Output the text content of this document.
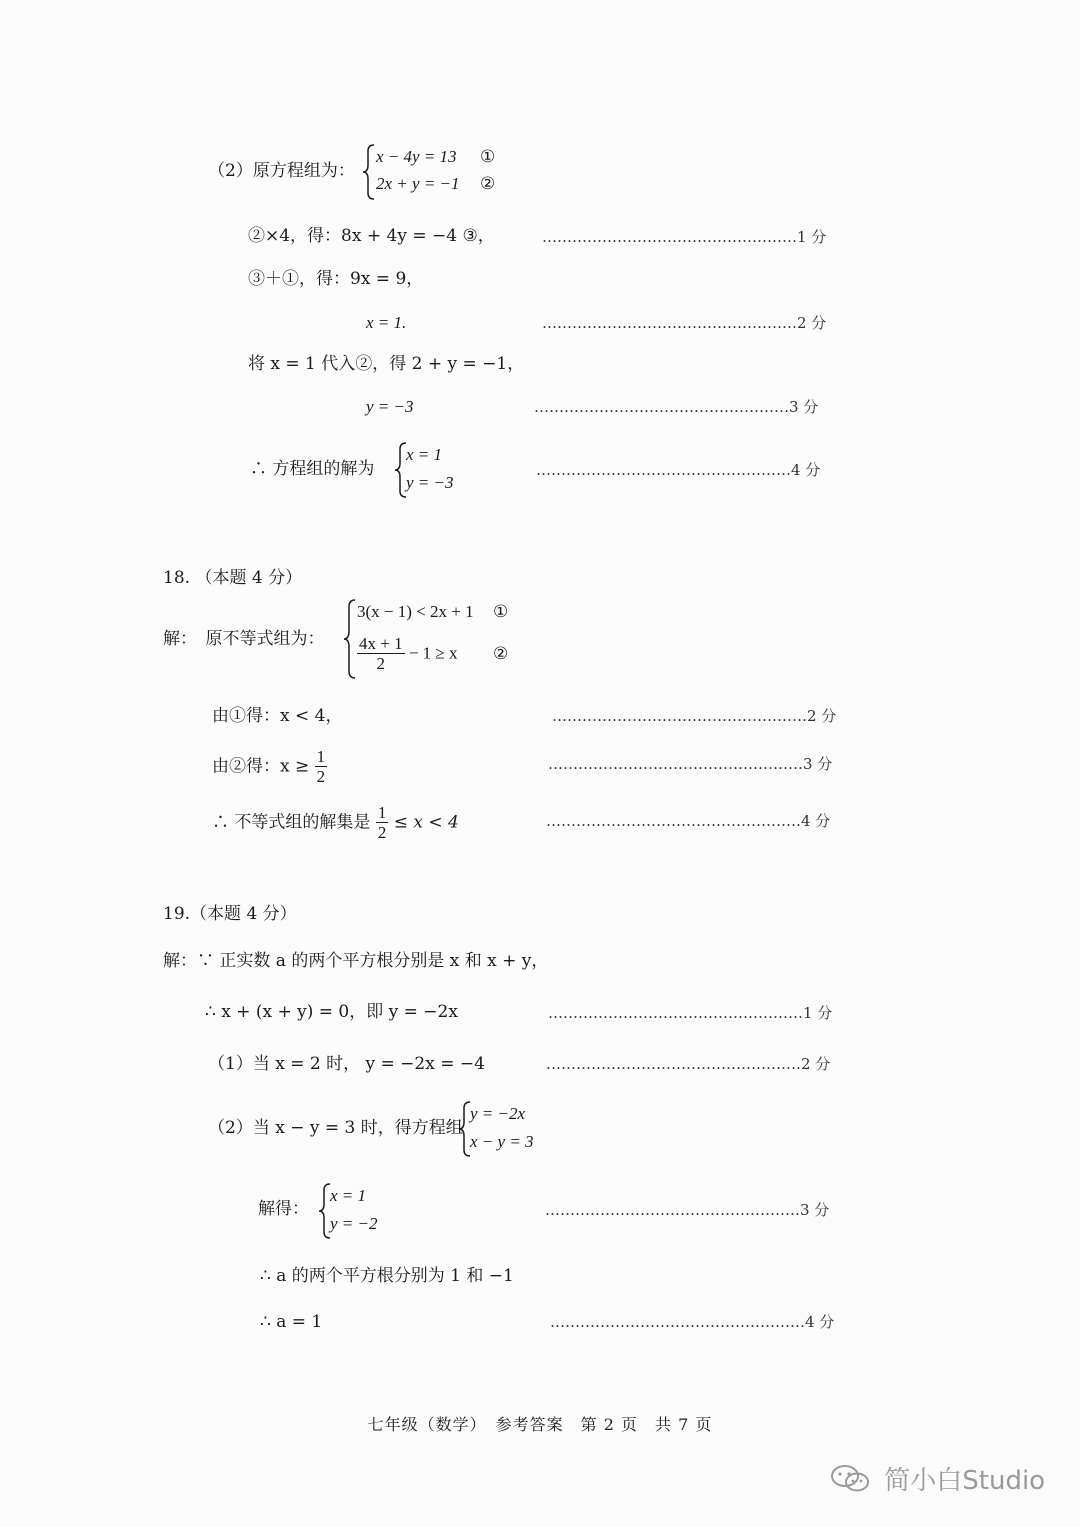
（2）原方程组为：
x − 4y = 13 ①
2x + y = −1 ②
②×4，得：8x + 4y = −4 ③，	……………………………………………1 分
③＋①，得：9x = 9，
x = 1.	……………………………………………2 分
将 x = 1 代入②，得 2 + y = −1，
y = −3	……………………………………………3 分
∴ 方程组的解为
x = 1
y = −3
……………………………………………4 分
18. （本题 4 分）
解：　原不等式组为：
3(x − 1) < 2x + 1 ①
$\frac{4x + 1}{2} - 1 \ge x$ ②
由①得：x < 4，	……………………………………………2 分
由②得：$x \ge \frac{1}{2}$	……………………………………………3 分
∴ 不等式组的解集是 $\frac{1}{2} \le x < 4$	……………………………………………4 分
19.（本题 4 分）
解：∵ 正实数 a 的两个平方根分别是 x 和 x + y，
∴ x + (x + y) = 0，即 y = −2x	……………………………………………1 分
（1）当 x = 2 时， y = −2x = −4	……………………………………………2 分
（2）当 x − y = 3 时，得方程组
y = −2x
x − y = 3
解得：
x = 1
y = −2
……………………………………………3 分
∴ a 的两个平方根分别为 1 和 −1
∴ a = 1	……………………………………………4 分
七年级（数学）　参考答案　第 2 页　共 7 页
简小白Studio
